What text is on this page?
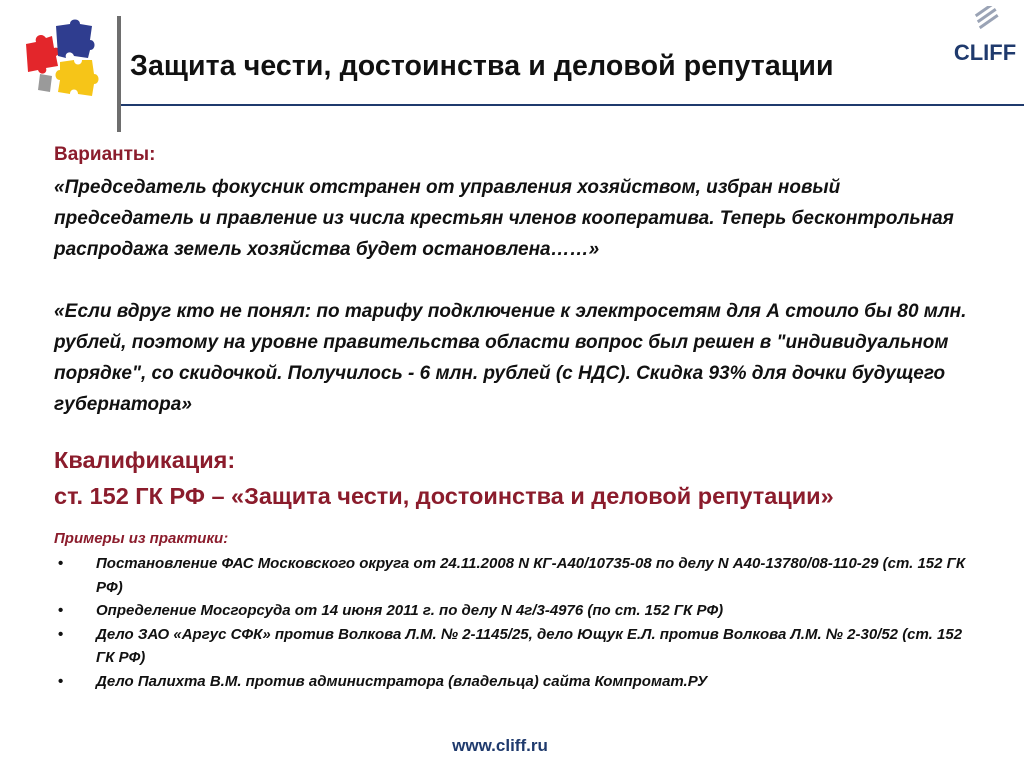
Защита чести, достоинства и деловой репутации	CLIFF

Варианты:

«Председатель фокусник отстранен от управления хозяйством, избран новый председатель и правление из числа крестьян членов кооператива. Теперь бесконтрольная распродажа земель хозяйства будет остановлена……»

«Если вдруг кто не понял: по тарифу подключение к электросетям для А стоило бы 80 млн. рублей, поэтому на уровне правительства области вопрос был решен в "индивидуальном порядке", со скидочкой. Получилось - 6 млн. рублей (с НДС). Скидка 93% для дочки будущего губернатора»

Квалификация:

ст. 152 ГК РФ – «Защита чести, достоинства и деловой репутации»

Примеры из практики:

• Постановление ФАС Московского округа от 24.11.2008 N КГ-А40/10735-08 по делу N А40-13780/08-110-29 (ст. 152 ГК РФ)
• Определение Мосгорсуда от 14 июня 2011 г. по делу N 4г/3-4976 (по ст. 152 ГК РФ)
• Дело ЗАО «Аргус СФК» против Волкова Л.М. № 2-1145/25, дело Ющук Е.Л. против Волкова Л.М. № 2-30/52 (ст. 152 ГК РФ)
• Дело Палихта В.М. против администратора (владельца) сайта Компромат.РУ
www.cliff.ru
